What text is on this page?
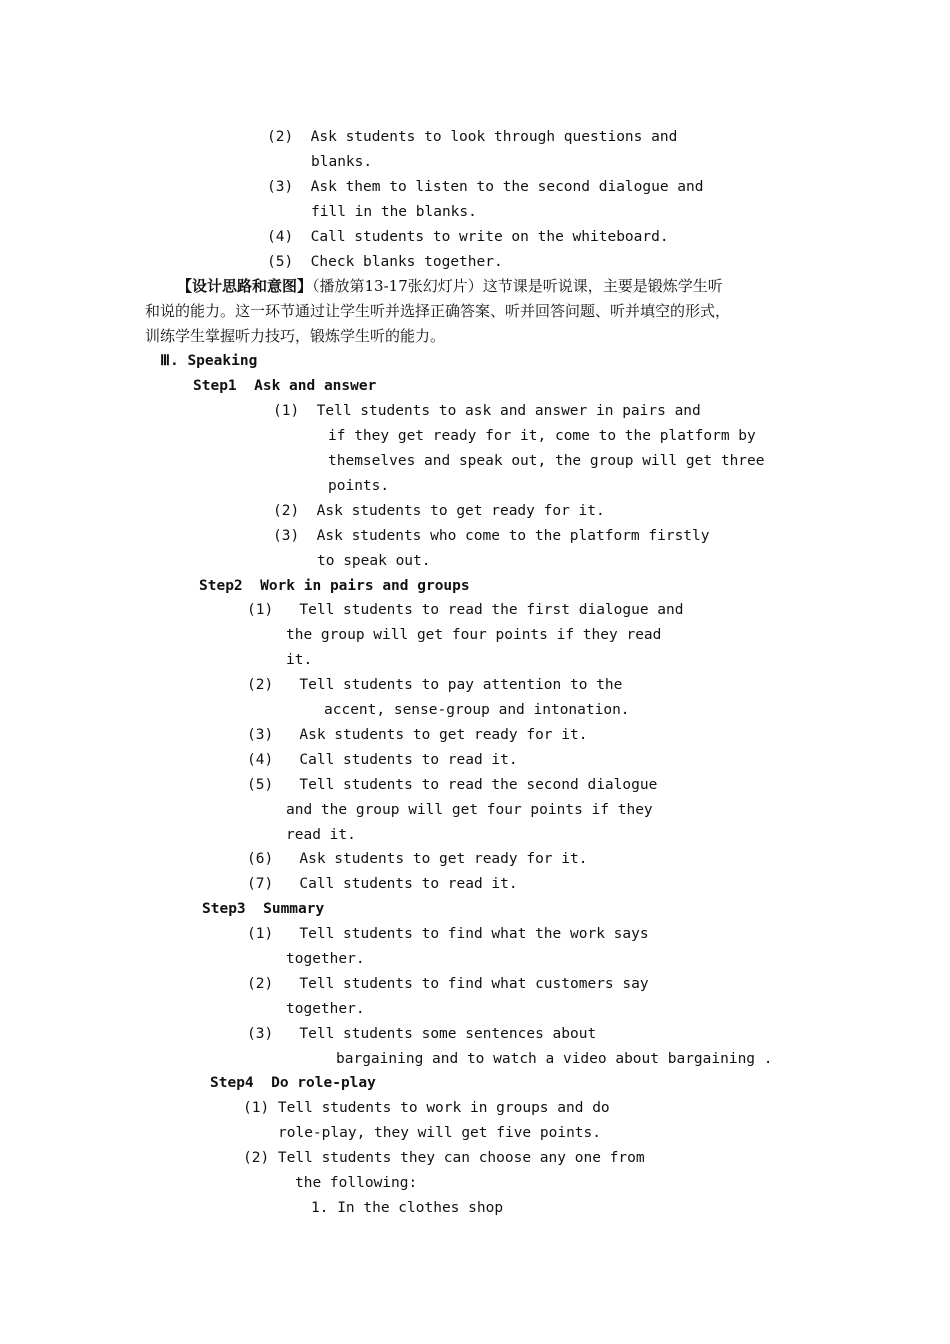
(2)  Ask students to look through questions and
blanks.
(3)  Ask them to listen to the second dialogue and
fill in the blanks.
(4)  Call students to write on the whiteboard.
(5)  Check blanks together.
【设计思路和意图】（播放第13-17张幻灯片）这节课是听说课，主要是锻炼学生听
和说的能力。这一环节通过让学生听并选择正确答案、听并回答问题、听并填空的形式，
训练学生掌握听力技巧，锻炼学生听的能力。
Ⅲ. Speaking
Step1  Ask and answer
(1)  Tell students to ask and answer in pairs and
if they get ready for it, come to the platform by
themselves and speak out, the group will get three
points.
(2)  Ask students to get ready for it.
(3)  Ask students who come to the platform firstly
to speak out.
Step2  Work in pairs and groups
(1)   Tell students to read the first dialogue and
the group will get four points if they read
it.
(2)   Tell students to pay attention to the
accent, sense-group and intonation.
(3)   Ask students to get ready for it.
(4)   Call students to read it.
(5)   Tell students to read the second dialogue
and the group will get four points if they
read it.
(6)   Ask students to get ready for it.
(7)   Call students to read it.
Step3  Summary
(1)   Tell students to find what the work says
together.
(2)   Tell students to find what customers say
together.
(3)   Tell students some sentences about
bargaining and to watch a video about bargaining .
Step4  Do role-play
(1) Tell students to work in groups and do
role-play, they will get five points.
(2) Tell students they can choose any one from
the following:
1. In the clothes shop
